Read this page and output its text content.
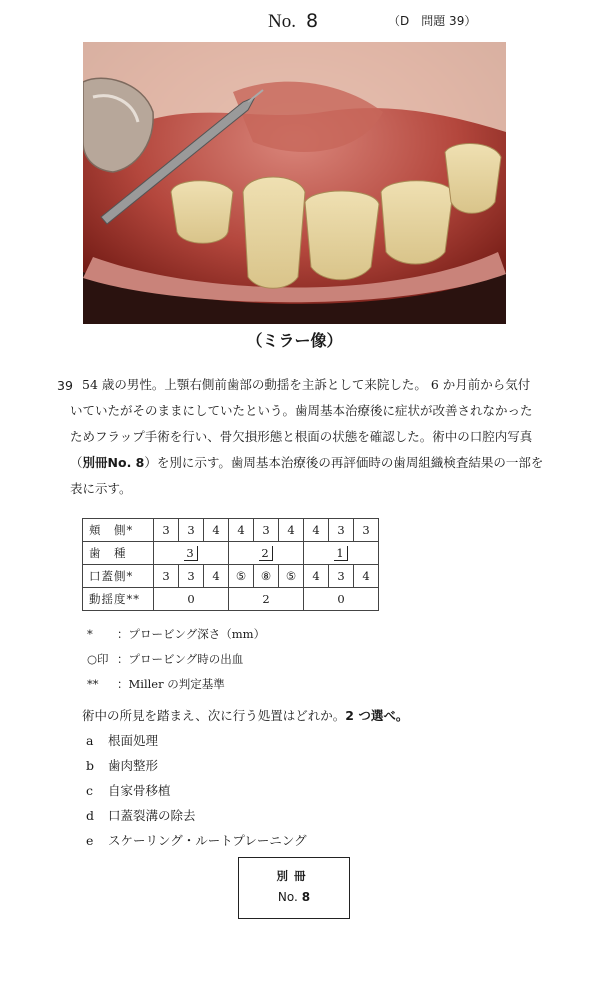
No. 8	（D　問題 39）
（ミラー像）
39 54 歳の男性。上顎右側前歯部の動揺を主訴として来院した。 6 か月前から気付
いていたがそのままにしていたという。歯周基本治療後に症状が改善されなかった
ためフラップ手術を行い、骨欠損形態と根面の状態を確認した。術中の口腔内写真
（別冊No. 8）を別に示す。歯周基本治療後の再評価時の歯周組織検査結果の一部を
表に示す。
頬　側*	3	3	4	4	3	4	4	3	3
歯　種	3			2			1		
口蓋側*	3	3	4	⑤	⑧	⑤	4	3	4
動揺度**	0			2			0		
* ：プロービング深さ（mm）
○印 ：プロービング時の出血
** ：Miller の判定基準
術中の所見を踏まえ、次に行う処置はどれか。2 つ選べ。
a 根面処理
b 歯肉整形
c 自家骨移植
d 口蓋裂溝の除去
e スケーリング・ルートプレーニング
別冊
No. 8
